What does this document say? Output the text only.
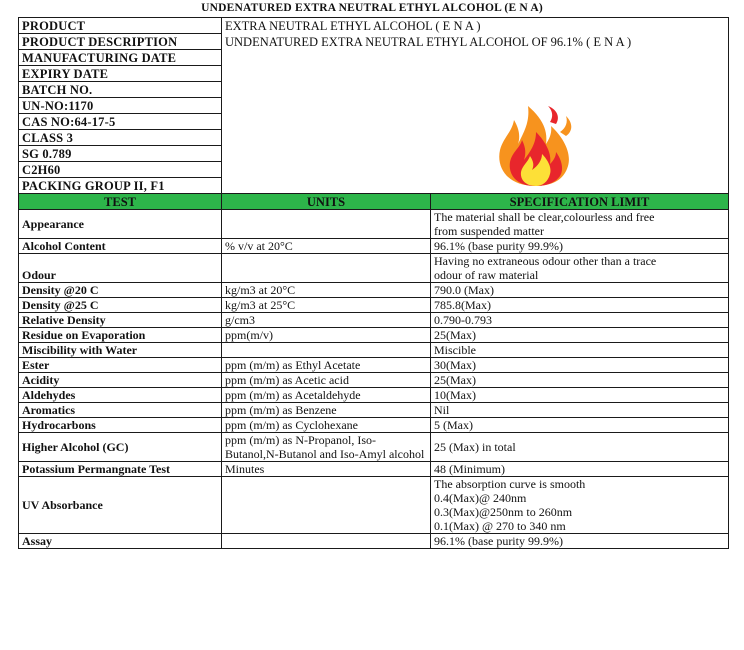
UNDENATURED EXTRA NEUTRAL ETHYL ALCOHOL (E N A)
PRODUCT	EXTRA NEUTRAL ETHYL ALCOHOL ( E N A )	
PRODUCT DESCRIPTION	UNDENATURED EXTRA NEUTRAL ETHYL ALCOHOL OF 96.1% ( E N A )	
MANUFACTURING DATE		
EXPIRY DATE		
BATCH NO.		
UN-NO:1170	
CAS NO:64-17-5		
CLASS 3		
SG 0.789		
C2H60		
PACKING GROUP II, F1		
TEST	UNITS	SPECIFICATION LIMIT
Appearance		The material shall be clear,colourless and free
from suspended matter

Alcohol Content	% v/v at 20°C	96.1% (base purity 99.9%)

Odour		Having no extraneous odour other than a trace
odour of raw material

Density @20 C	kg/m3 at 20°C	790.0 (Max)

Density @25 C	kg/m3 at 25°C	785.8(Max)

Relative Density	g/cm3	0.790-0.793

Residue on Evaporation	ppm(m/v)	25(Max)

Miscibility with Water		Miscible

Ester	ppm (m/m) as Ethyl Acetate	30(Max)

Acidity	ppm (m/m) as Acetic acid	25(Max)

Aldehydes	ppm (m/m) as Acetaldehyde	10(Max)

Aromatics	ppm (m/m) as Benzene	Nil

Hydrocarbons	ppm (m/m) as Cyclohexane	5 (Max)

Higher Alcohol (GC)	ppm (m/m) as N-Propanol, Iso-Butanol,N-Butanol and Iso-Amyl alcohol	25 (Max) in total

Potassium Permangnate Test	Minutes	48 (Minimum)

UV Absorbance		The absorption curve is smooth
0.4(Max)@ 240nm
0.3(Max)@250nm to 260nm
0.1(Max) @ 270 to 340 nm

Assay		96.1% (base purity 99.9%)
